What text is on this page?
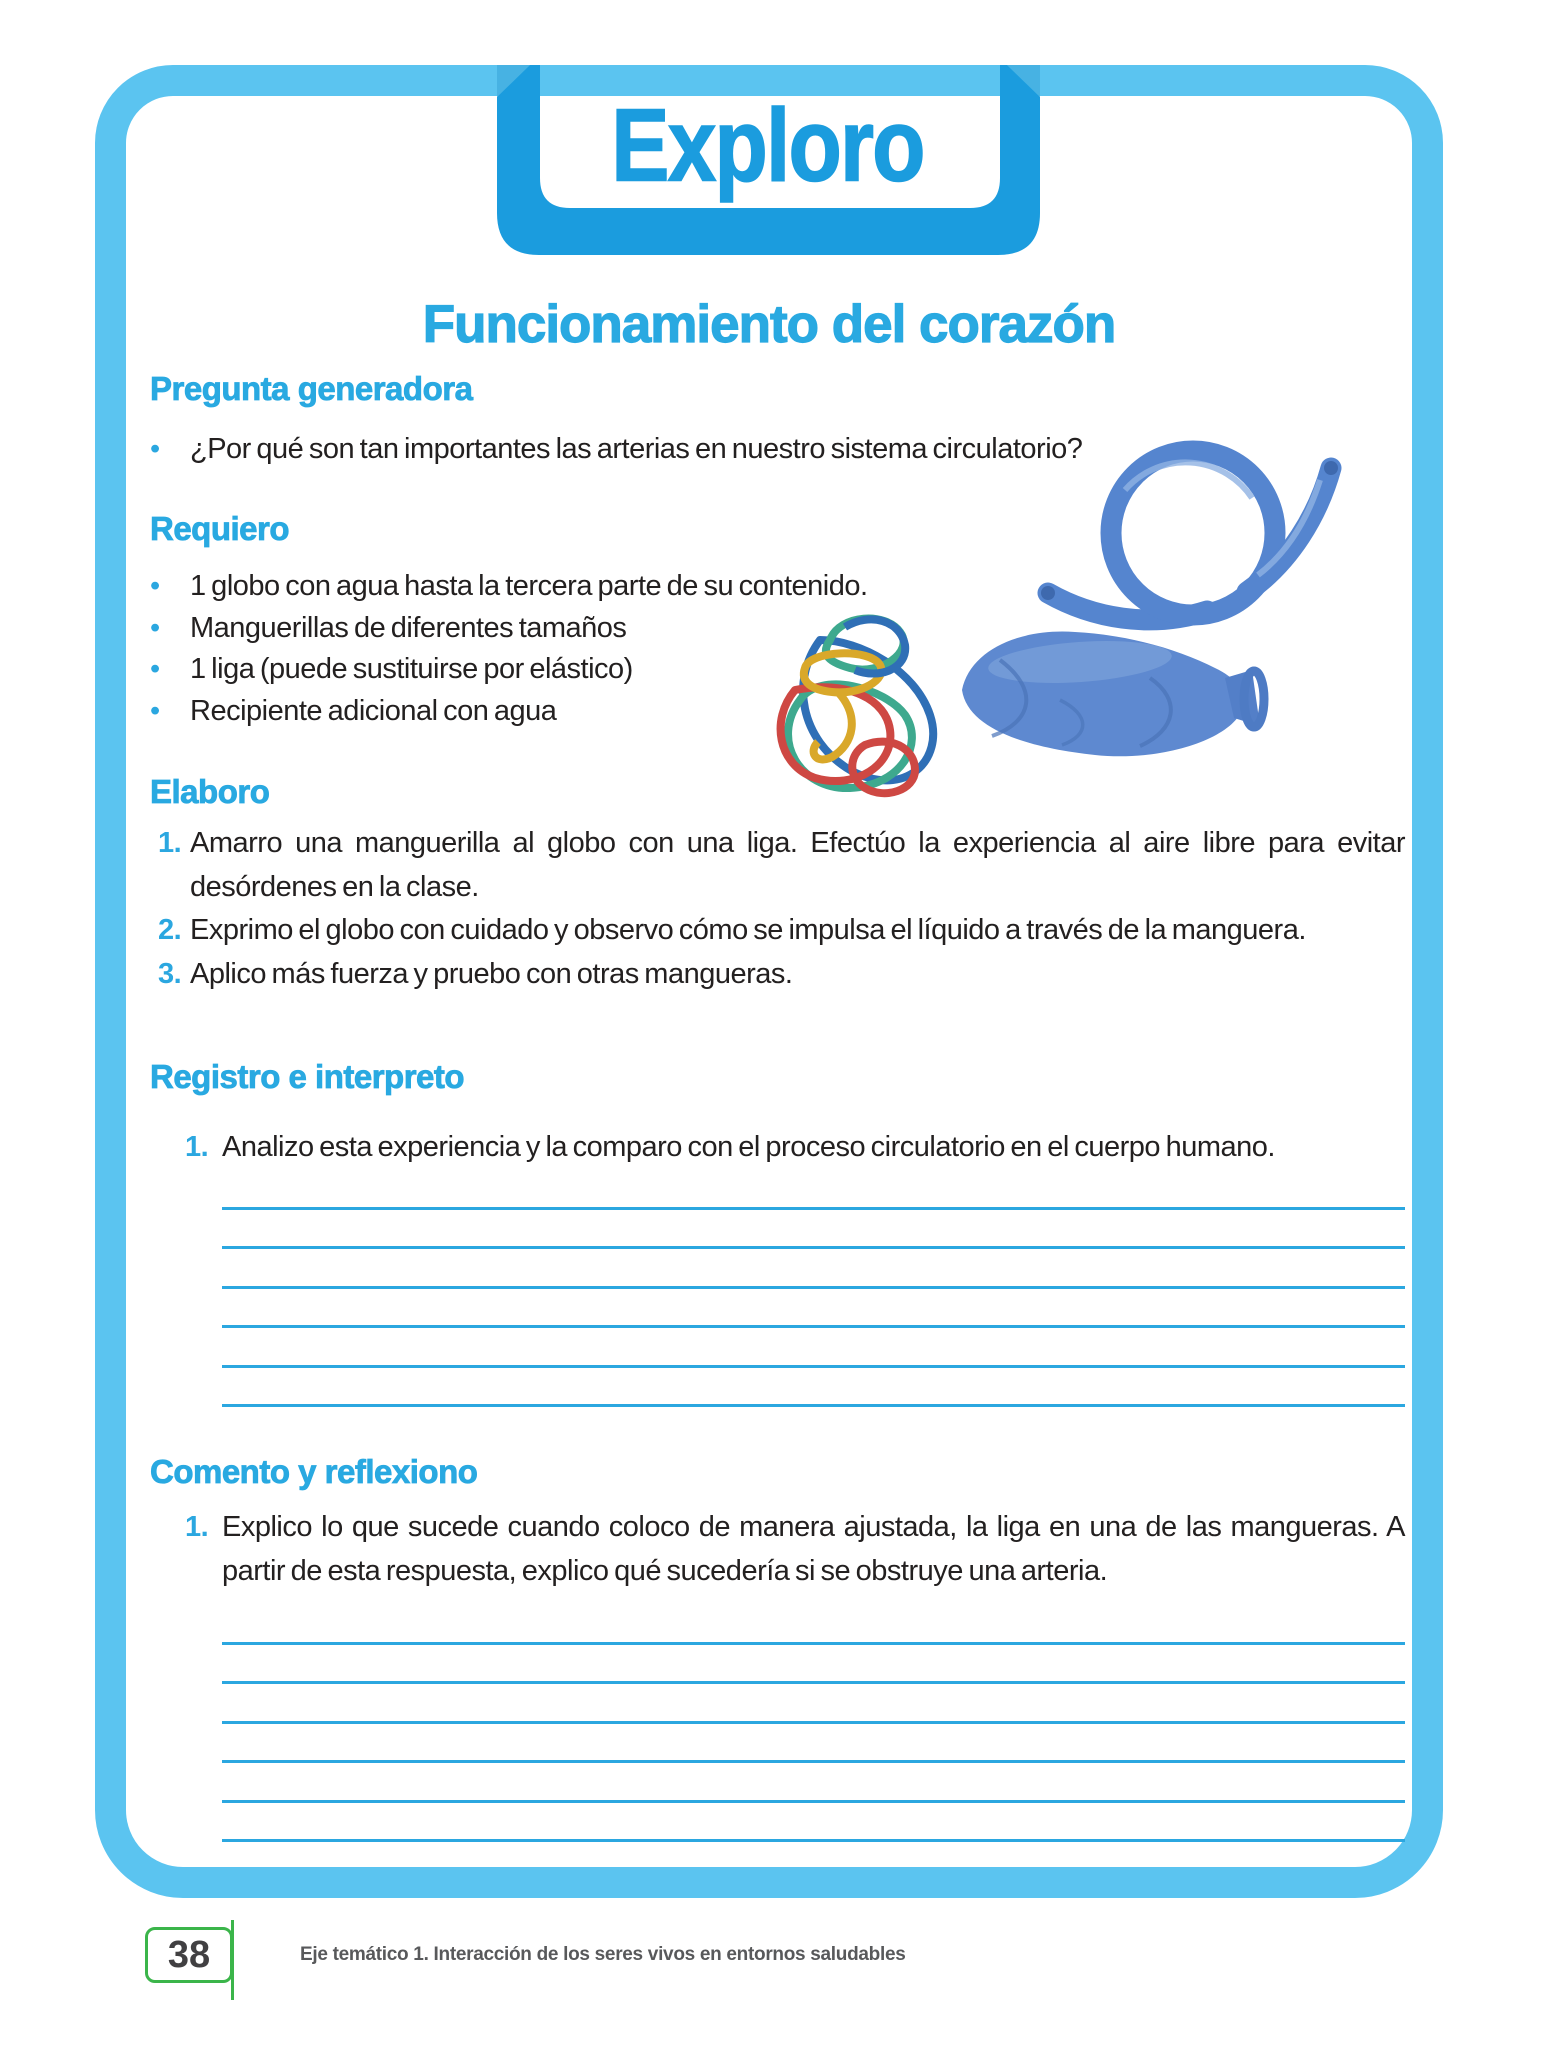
Exploro
Funcionamiento del corazón
Pregunta generadora
•	¿Por qué son tan importantes las arterias en nuestro sistema circulatorio?
Requiero
•	1 globo con agua hasta la tercera parte de su contenido.
•	Manguerillas de diferentes tamaños
•	1 liga (puede sustituirse por elástico)
•	Recipiente adicional con agua
Elaboro
1. Amarro una manguerilla al globo con una liga. Efectúo la experiencia al aire libre para evitar desórdenes en la clase.
2. Exprimo el globo con cuidado y observo cómo se impulsa el líquido a través de la manguera.
3. Aplico más fuerza y pruebo con otras mangueras.
Registro e interpreto
1. Analizo esta experiencia y la comparo con el proceso circulatorio en el cuerpo humano.
Comento y reflexiono
1. Explico lo que sucede cuando coloco de manera ajustada, la liga en una de las mangueras. A partir de esta respuesta, explico qué sucedería si se obstruye una arteria.
38	Eje temático 1. Interacción de los seres vivos en entornos saludables
